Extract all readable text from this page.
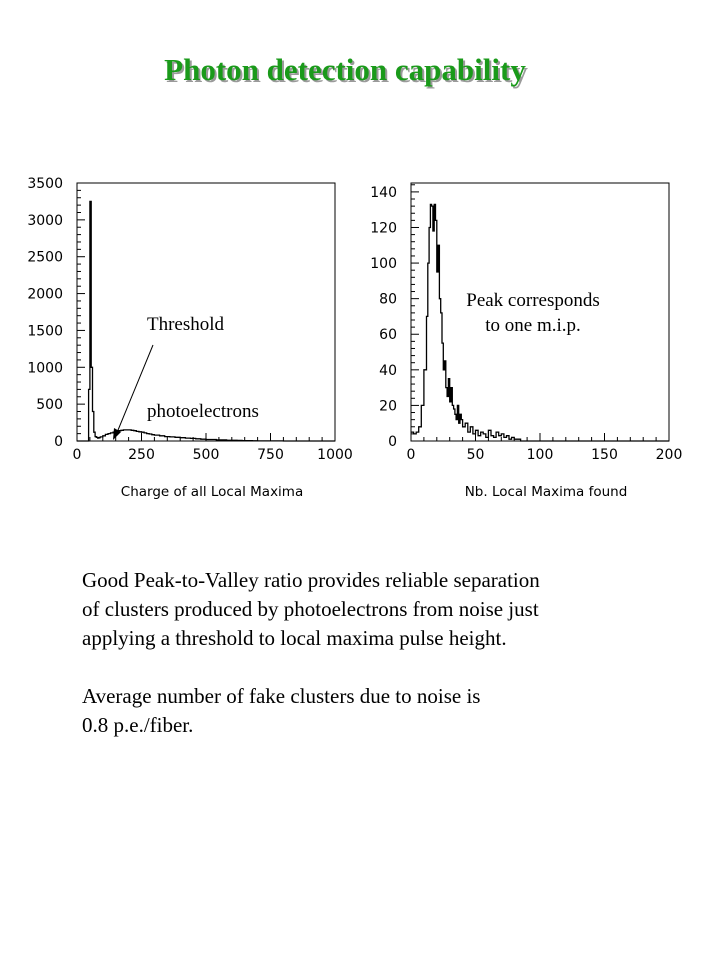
Photon detection capability
0	250	500	750 1000
0
500
1000
1500
2000
2500
3000
3500
Charge of all Local Maxima
Threshold
photoelectrons
0	50	100	150	200
0
20
40
60
80
100
120
140
Nb. Local Maxima found
Peak corresponds
to one m.i.p.

Good Peak-to-Valley ratio provides reliable separation
of clusters produced by photoelectrons from noise just
applying a threshold to local maxima pulse height.

Average number of fake clusters due to noise is
0.8 p.e./fiber.
